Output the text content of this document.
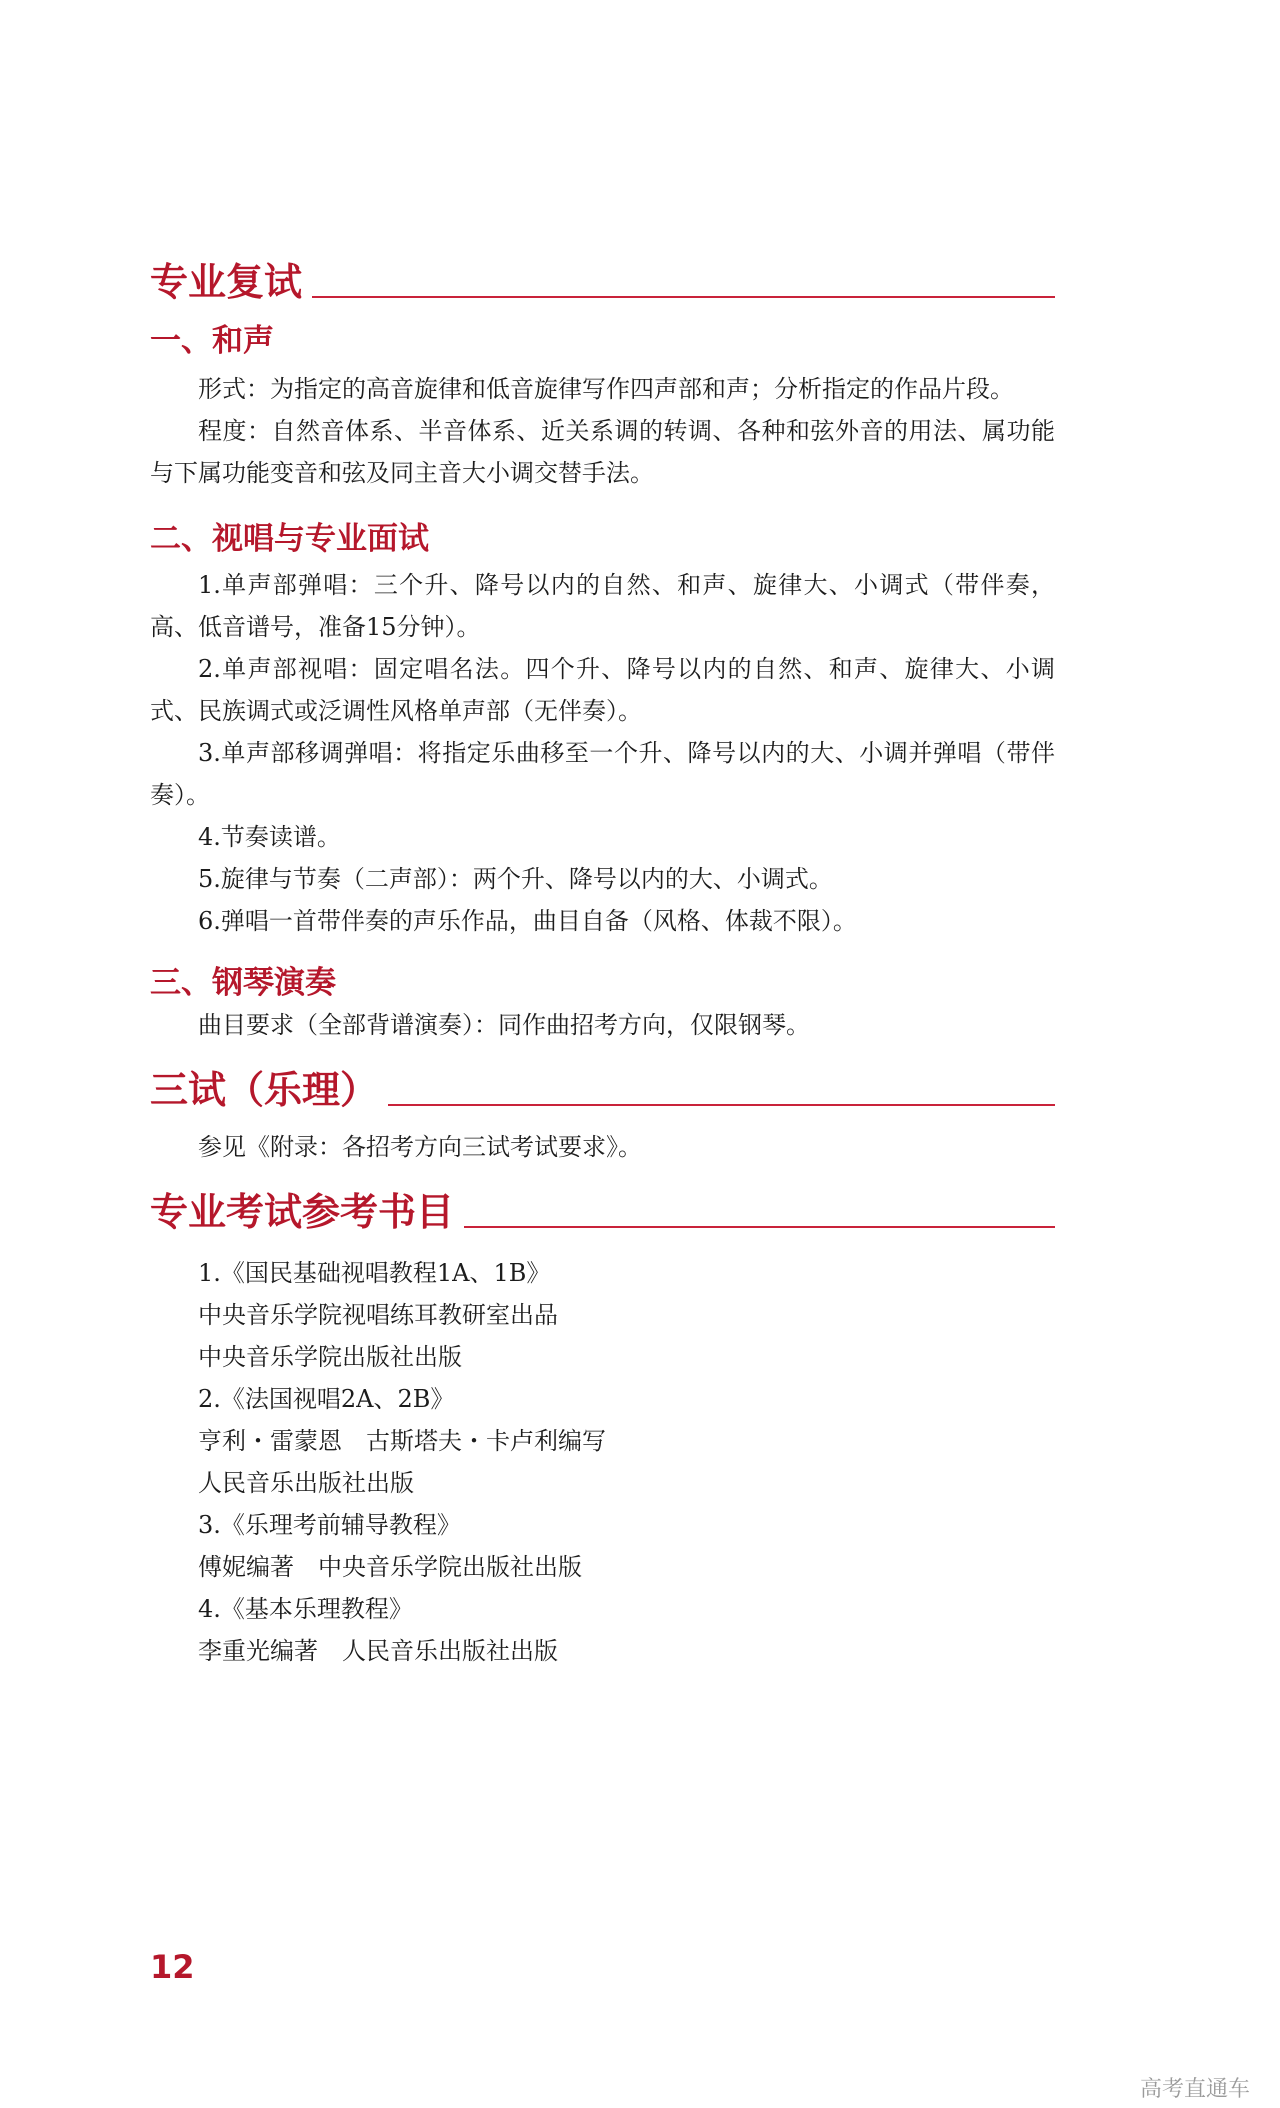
专业复试
一、和声

形式：为指定的高音旋律和低音旋律写作四声部和声；分析指定的作品片段。

程度：自然音体系、半音体系、近关系调的转调、各种和弦外音的用法、属功能与下属功能变音和弦及同主音大小调交替手法。

二、视唱与专业面试

1.单声部弹唱：三个升、降号以内的自然、和声、旋律大、小调式（带伴奏，高、低音谱号，准备15分钟）。

2.单声部视唱：固定唱名法。四个升、降号以内的自然、和声、旋律大、小调式、民族调式或泛调性风格单声部（无伴奏）。

3.单声部移调弹唱：将指定乐曲移至一个升、降号以内的大、小调并弹唱（带伴奏）。

4.节奏读谱。

5.旋律与节奏（二声部）：两个升、降号以内的大、小调式。

6.弹唱一首带伴奏的声乐作品，曲目自备（风格、体裁不限）。

三、钢琴演奏

曲目要求（全部背谱演奏）：同作曲招考方向，仅限钢琴。

三试（乐理）

参见《附录：各招考方向三试考试要求》。

专业考试参考书目

1.《国民基础视唱教程1A、1B》

中央音乐学院视唱练耳教研室出品

中央音乐学院出版社出版

2.《法国视唱2A、2B》

亨利・雷蒙恩　古斯塔夫・卡卢利编写

人民音乐出版社出版

3.《乐理考前辅导教程》

傅妮编著　中央音乐学院出版社出版

4.《基本乐理教程》

李重光编著　人民音乐出版社出版

12
高考直通车
